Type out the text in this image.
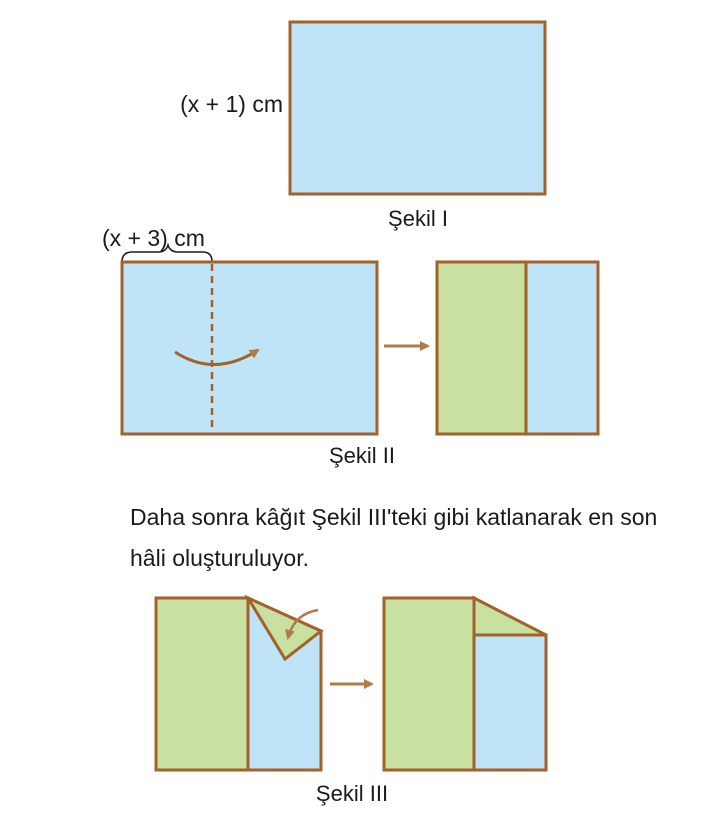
(x + 1) cm
Şekil I
(x + 3) cm
Şekil II
Şekil III

Daha sonra kâğıt Şekil III'teki gibi katlanarak en son
hâli oluşturuluyor.
